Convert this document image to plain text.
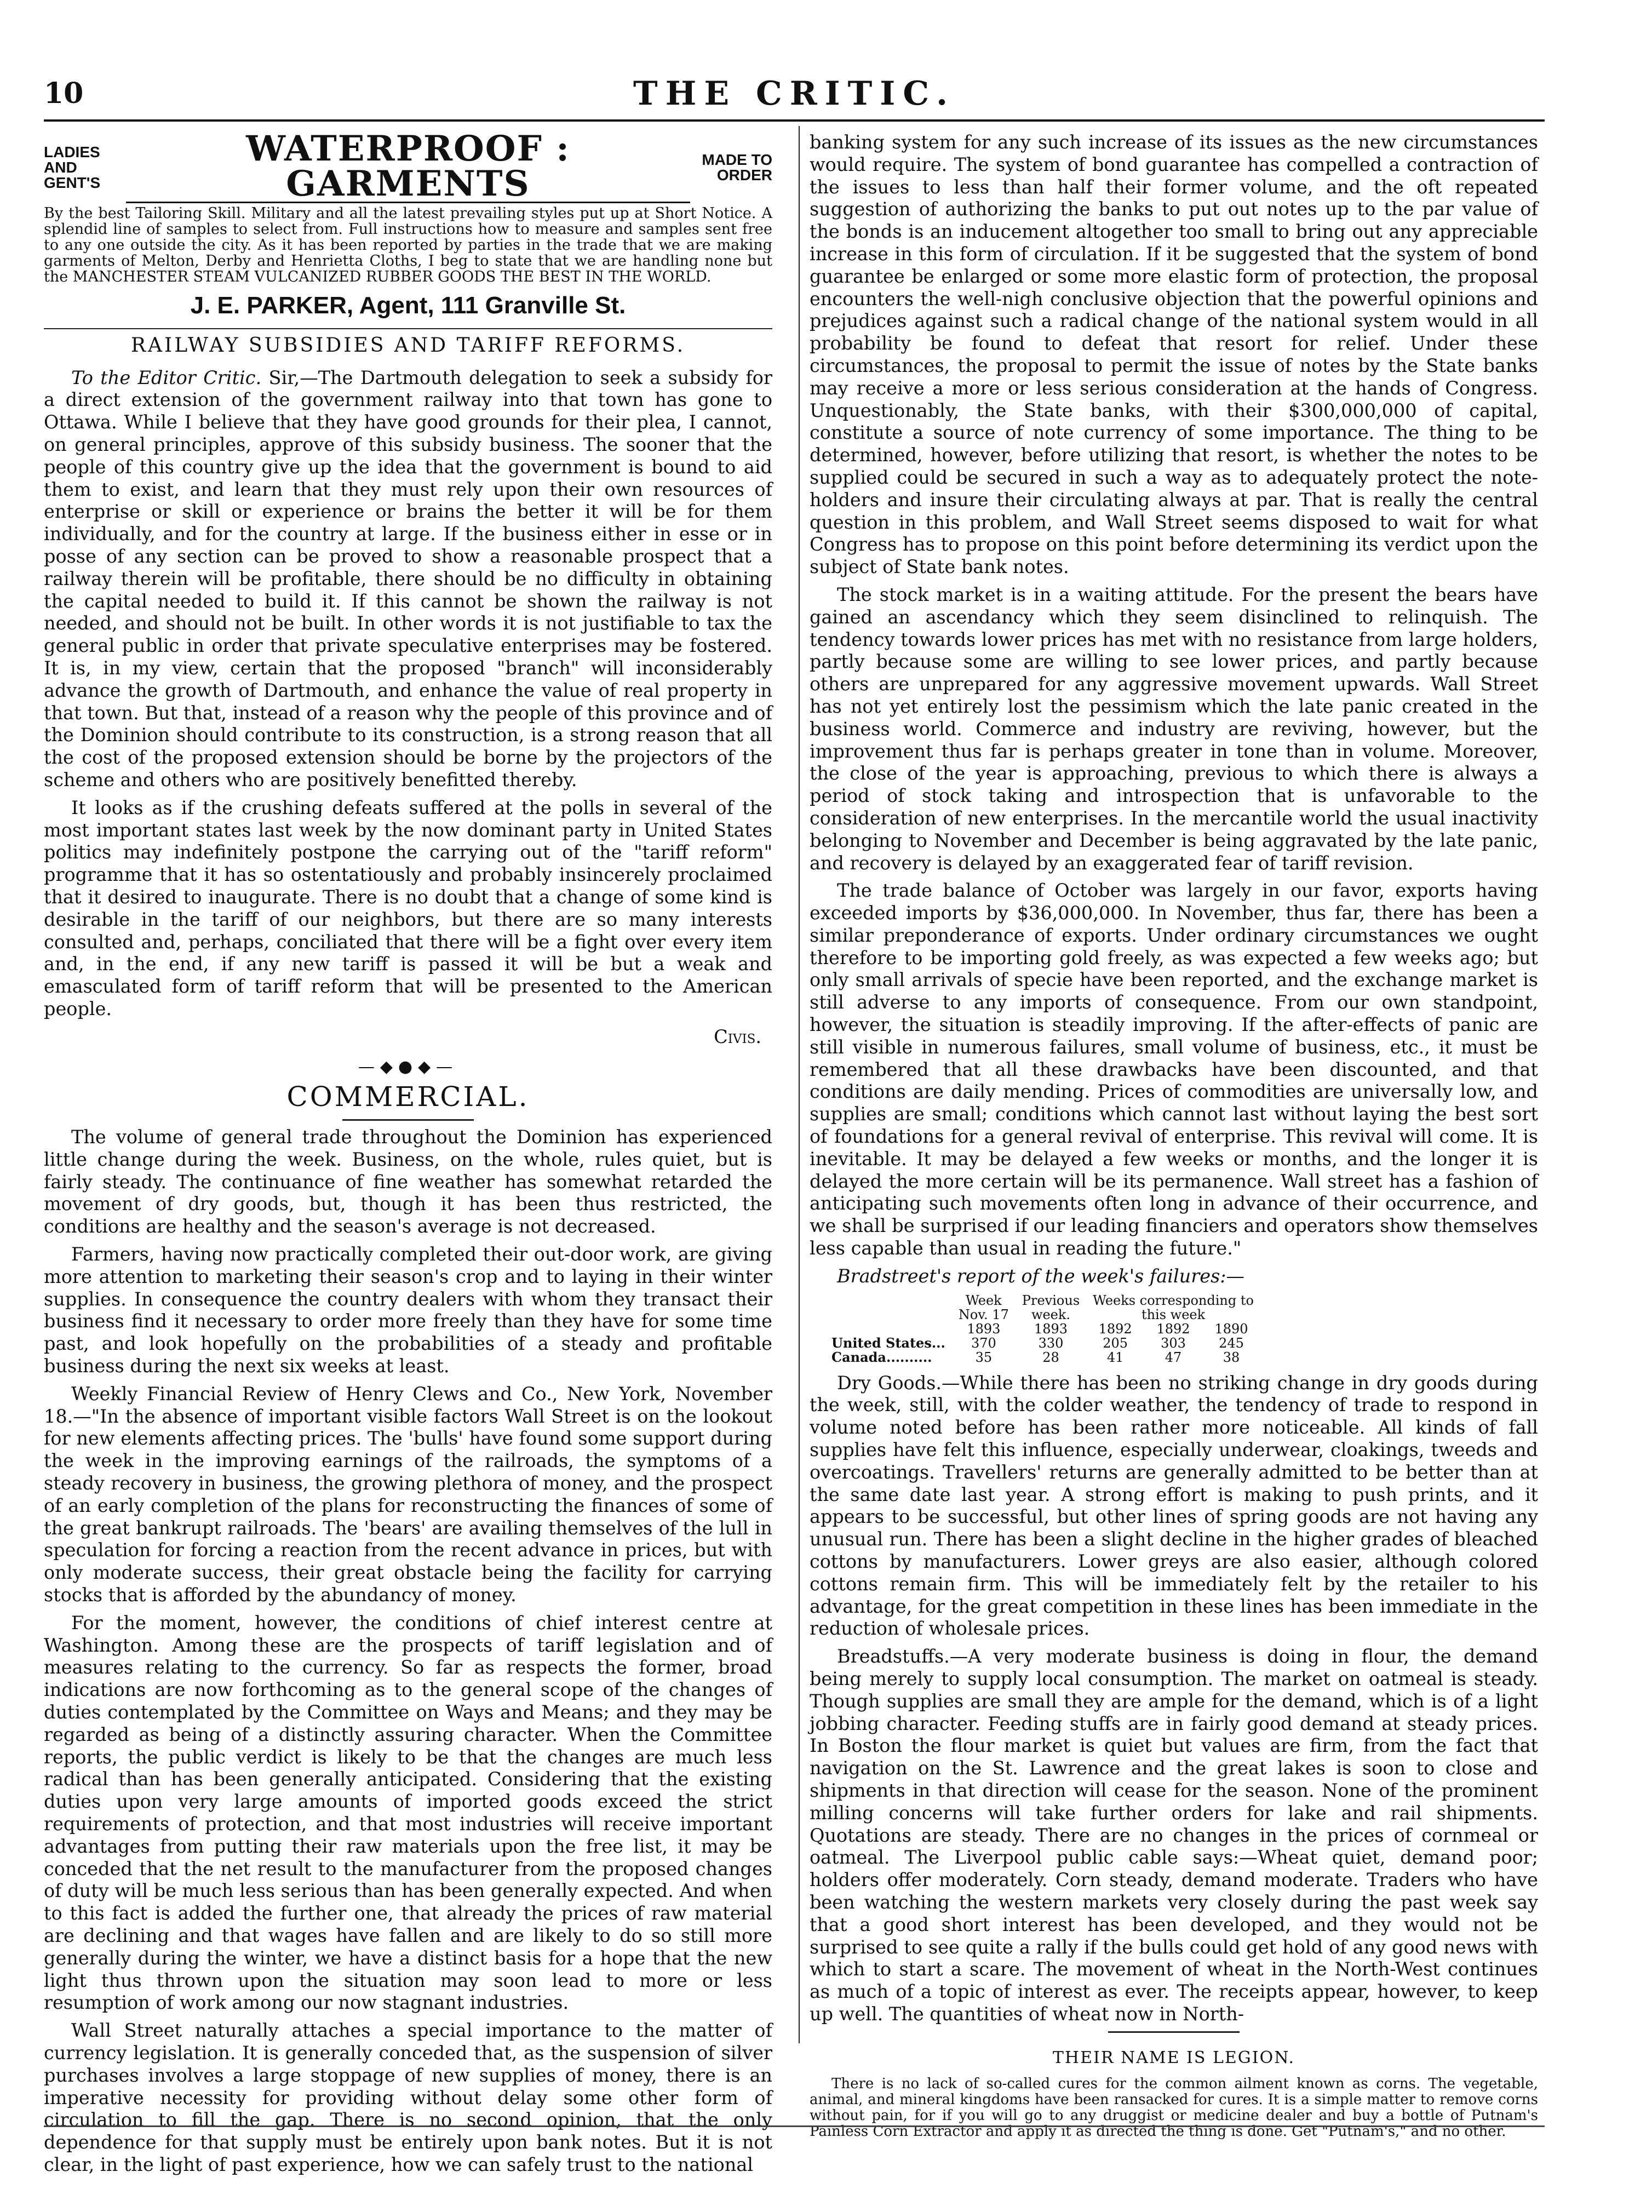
10	THE CRITIC.
LADIES AND GENT'S
WATERPROOF : GARMENTS
MADE TO ORDER

By the best Tailoring Skill. Military and all the latest prevailing styles put up at Short Notice. A splendid line of samples to select from. Full instructions how to measure and samples sent free to any one outside the city. As it has been reported by parties in the trade that we are making garments of Melton, Derby and Henrietta Cloths, I beg to state that we are handling none but the MANCHESTER STEAM VULCANIZED RUBBER GOODS THE BEST IN THE WORLD.

J. E. PARKER, Agent, 111 Granville St.
RAILWAY SUBSIDIES AND TARIFF REFORMS.

To the Editor Critic. Sir,—The Dartmouth delegation to seek a subsidy for a direct extension of the government railway into that town has gone to Ottawa. While I believe that they have good grounds for their plea, I cannot, on general principles, approve of this subsidy business. The sooner that the people of this country give up the idea that the government is bound to aid them to exist, and learn that they must rely upon their own resources of enterprise or skill or experience or brains the better it will be for them individually, and for the country at large. If the business either in esse or in posse of any section can be proved to show a reasonable prospect that a railway therein will be profitable, there should be no difficulty in obtaining the capital needed to build it. If this cannot be shown the railway is not needed, and should not be built. In other words it is not justifiable to tax the general public in order that private speculative enterprises may be fostered. It is, in my view, certain that the proposed "branch" will inconsiderably advance the growth of Dartmouth, and enhance the value of real property in that town. But that, instead of a reason why the people of this province and of the Dominion should contribute to its construction, is a strong reason that all the cost of the proposed extension should be borne by the projectors of the scheme and others who are positively benefitted thereby.

It looks as if the crushing defeats suffered at the polls in several of the most important states last week by the now dominant party in United States politics may indefinitely postpone the carrying out of the "tariff reform" programme that it has so ostentatiously and probably insincerely proclaimed that it desired to inaugurate. There is no doubt that a change of some kind is desirable in the tariff of our neighbors, but there are so many interests consulted and, perhaps, conciliated that there will be a fight over every item and, in the end, if any new tariff is passed it will be but a weak and emasculated form of tariff reform that will be presented to the American people.

Civis.

—◆●◆—
COMMERCIAL.

The volume of general trade throughout the Dominion has experienced little change during the week. Business, on the whole, rules quiet, but is fairly steady. The continuance of fine weather has somewhat retarded the movement of dry goods, but, though it has been thus restricted, the conditions are healthy and the season's average is not decreased.

Farmers, having now practically completed their out-door work, are giving more attention to marketing their season's crop and to laying in their winter supplies. In consequence the country dealers with whom they transact their business find it necessary to order more freely than they have for some time past, and look hopefully on the probabilities of a steady and profitable business during the next six weeks at least.

Weekly Financial Review of Henry Clews and Co., New York, November 18.—"In the absence of important visible factors Wall Street is on the lookout for new elements affecting prices. The 'bulls' have found some support during the week in the improving earnings of the railroads, the symptoms of a steady recovery in business, the growing plethora of money, and the prospect of an early completion of the plans for reconstructing the finances of some of the great bankrupt railroads. The 'bears' are availing themselves of the lull in speculation for forcing a reaction from the recent advance in prices, but with only moderate success, their great obstacle being the facility for carrying stocks that is afforded by the abundancy of money.

For the moment, however, the conditions of chief interest centre at Washington. Among these are the prospects of tariff legislation and of measures relating to the currency. So far as respects the former, broad indications are now forthcoming as to the general scope of the changes of duties contemplated by the Committee on Ways and Means; and they may be regarded as being of a distinctly assuring character. When the Committee reports, the public verdict is likely to be that the changes are much less radical than has been generally anticipated. Considering that the existing duties upon very large amounts of imported goods exceed the strict requirements of protection, and that most industries will receive important advantages from putting their raw materials upon the free list, it may be conceded that the net result to the manufacturer from the proposed changes of duty will be much less serious than has been generally expected. And when to this fact is added the further one, that already the prices of raw material are declining and that wages have fallen and are likely to do so still more generally during the winter, we have a distinct basis for a hope that the new light thus thrown upon the situation may soon lead to more or less resumption of work among our now stagnant industries.

Wall Street naturally attaches a special importance to the matter of currency legislation. It is generally conceded that, as the suspension of silver purchases involves a large stoppage of new supplies of money, there is an imperative necessity for providing without delay some other form of circulation to fill the gap. There is no second opinion, that the only dependence for that supply must be entirely upon bank notes. But it is not clear, in the light of past experience, how we can safely trust to the national

banking system for any such increase of its issues as the new circumstances would require. The system of bond guarantee has compelled a contraction of the issues to less than half their former volume, and the oft repeated suggestion of authorizing the banks to put out notes up to the par value of the bonds is an inducement altogether too small to bring out any appreciable increase in this form of circulation. If it be suggested that the system of bond guarantee be enlarged or some more elastic form of protection, the proposal encounters the well-nigh conclusive objection that the powerful opinions and prejudices against such a radical change of the national system would in all probability be found to defeat that resort for relief. Under these circumstances, the proposal to permit the issue of notes by the State banks may receive a more or less serious consideration at the hands of Congress. Unquestionably, the State banks, with their $300,000,000 of capital, constitute a source of note currency of some importance. The thing to be determined, however, before utilizing that resort, is whether the notes to be supplied could be secured in such a way as to adequately protect the note-holders and insure their circulating always at par. That is really the central question in this problem, and Wall Street seems disposed to wait for what Congress has to propose on this point before determining its verdict upon the subject of State bank notes.

The stock market is in a waiting attitude. For the present the bears have gained an ascendancy which they seem disinclined to relinquish. The tendency towards lower prices has met with no resistance from large holders, partly because some are willing to see lower prices, and partly because others are unprepared for any aggressive movement upwards. Wall Street has not yet entirely lost the pessimism which the late panic created in the business world. Commerce and industry are reviving, however, but the improvement thus far is perhaps greater in tone than in volume. Moreover, the close of the year is approaching, previous to which there is always a period of stock taking and introspection that is unfavorable to the consideration of new enterprises. In the mercantile world the usual inactivity belonging to November and December is being aggravated by the late panic, and recovery is delayed by an exaggerated fear of tariff revision.

The trade balance of October was largely in our favor, exports having exceeded imports by $36,000,000. In November, thus far, there has been a similar preponderance of exports. Under ordinary circumstances we ought therefore to be importing gold freely, as was expected a few weeks ago; but only small arrivals of specie have been reported, and the exchange market is still adverse to any imports of consequence. From our own standpoint, however, the situation is steadily improving. If the after-effects of panic are still visible in numerous failures, small volume of business, etc., it must be remembered that all these drawbacks have been discounted, and that conditions are daily mending. Prices of commodities are universally low, and supplies are small; conditions which cannot last without laying the best sort of foundations for a general revival of enterprise. This revival will come. It is inevitable. It may be delayed a few weeks or months, and the longer it is delayed the more certain will be its permanence. Wall street has a fashion of anticipating such movements often long in advance of their occurrence, and we shall be surprised if our leading financiers and operators show themselves less capable than usual in reading the future."

Bradstreet's report of the week's failures:—

	Week	Previous	Weeks corresponding to		
	Nov. 17	week.	this week		
	1893	1893	1892	1892	1890
United States...	370	330	205	303	245
Canada..........	35	28	41	47	38

Dry Goods.—While there has been no striking change in dry goods during the week, still, with the colder weather, the tendency of trade to respond in volume noted before has been rather more noticeable. All kinds of fall supplies have felt this influence, especially underwear, cloakings, tweeds and overcoatings. Travellers' returns are generally admitted to be better than at the same date last year. A strong effort is making to push prints, and it appears to be successful, but other lines of spring goods are not having any unusual run. There has been a slight decline in the higher grades of bleached cottons by manufacturers. Lower greys are also easier, although colored cottons remain firm. This will be immediately felt by the retailer to his advantage, for the great competition in these lines has been immediate in the reduction of wholesale prices.

Breadstuffs.—A very moderate business is doing in flour, the demand being merely to supply local consumption. The market on oatmeal is steady. Though supplies are small they are ample for the demand, which is of a light jobbing character. Feeding stuffs are in fairly good demand at steady prices. In Boston the flour market is quiet but values are firm, from the fact that navigation on the St. Lawrence and the great lakes is soon to close and shipments in that direction will cease for the season. None of the prominent milling concerns will take further orders for lake and rail shipments. Quotations are steady. There are no changes in the prices of cornmeal or oatmeal. The Liverpool public cable says:—Wheat quiet, demand poor; holders offer moderately. Corn steady, demand moderate. Traders who have been watching the western markets very closely during the past week say that a good short interest has been developed, and they would not be surprised to see quite a rally if the bulls could get hold of any good news with which to start a scare. The movement of wheat in the North-West continues as much of a topic of interest as ever. The receipts appear, however, to keep up well. The quantities of wheat now in North-

THEIR NAME IS LEGION.

There is no lack of so-called cures for the common ailment known as corns. The vegetable, animal, and mineral kingdoms have been ransacked for cures. It is a simple matter to remove corns without pain, for if you will go to any druggist or medicine dealer and buy a bottle of Putnam's Painless Corn Extractor and apply it as directed the thing is done. Get "Putnam's," and no other.
